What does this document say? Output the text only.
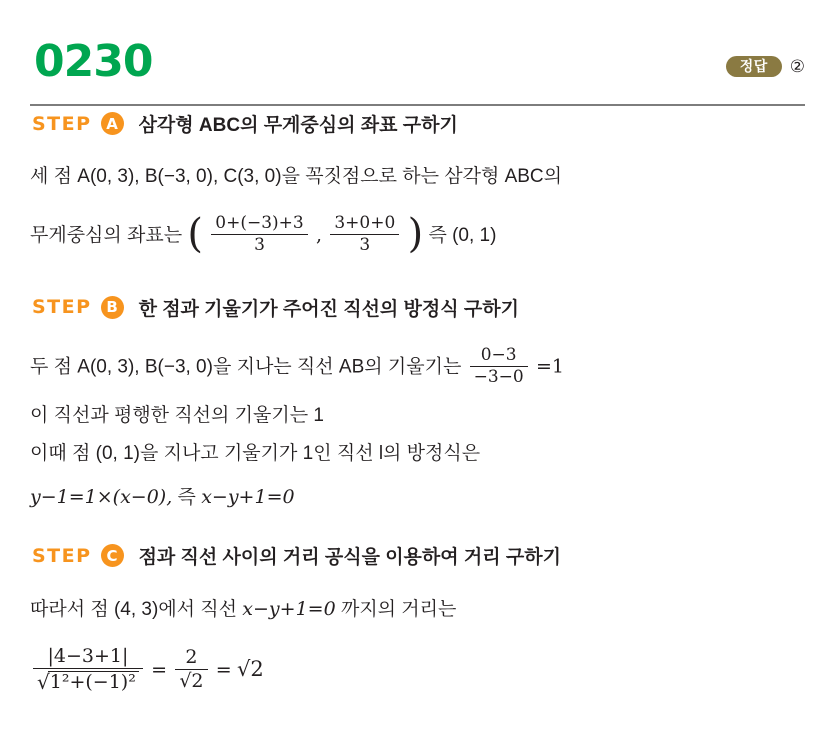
0230	정답	②
STEP A	삼각형 ABC의 무게중심의 좌표 구하기
세 점 A(0, 3), B(−3, 0), C(3, 0)을 꼭짓점으로 하는 삼각형 ABC의
무게중심의 좌표는 ( $\frac{0+(-3)+3}{3}$ , $\frac{3+0+0}{3}$ ) 즉 (0, 1)
STEP B	한 점과 기울기가 주어진 직선의 방정식 구하기
두 점 A(0, 3), B(−3, 0)을 지나는 직선 AB의 기울기는 $\frac{0-3}{-3-0} =1$
이 직선과 평행한 직선의 기울기는 1
이때 점 (0, 1)을 지나고 기울기가 1인 직선 l의 방정식은
y−1=1×(x−0), 즉 x−y+1=0
STEP C	점과 직선 사이의 거리 공식을 이용하여 거리 구하기
따라서 점 (4, 3)에서 직선 x−y+1=0 까지의 거리는
$\frac{|4-3+1|}{\text{√1²+(−1)²}} = \frac{2}{√2} = √2$
